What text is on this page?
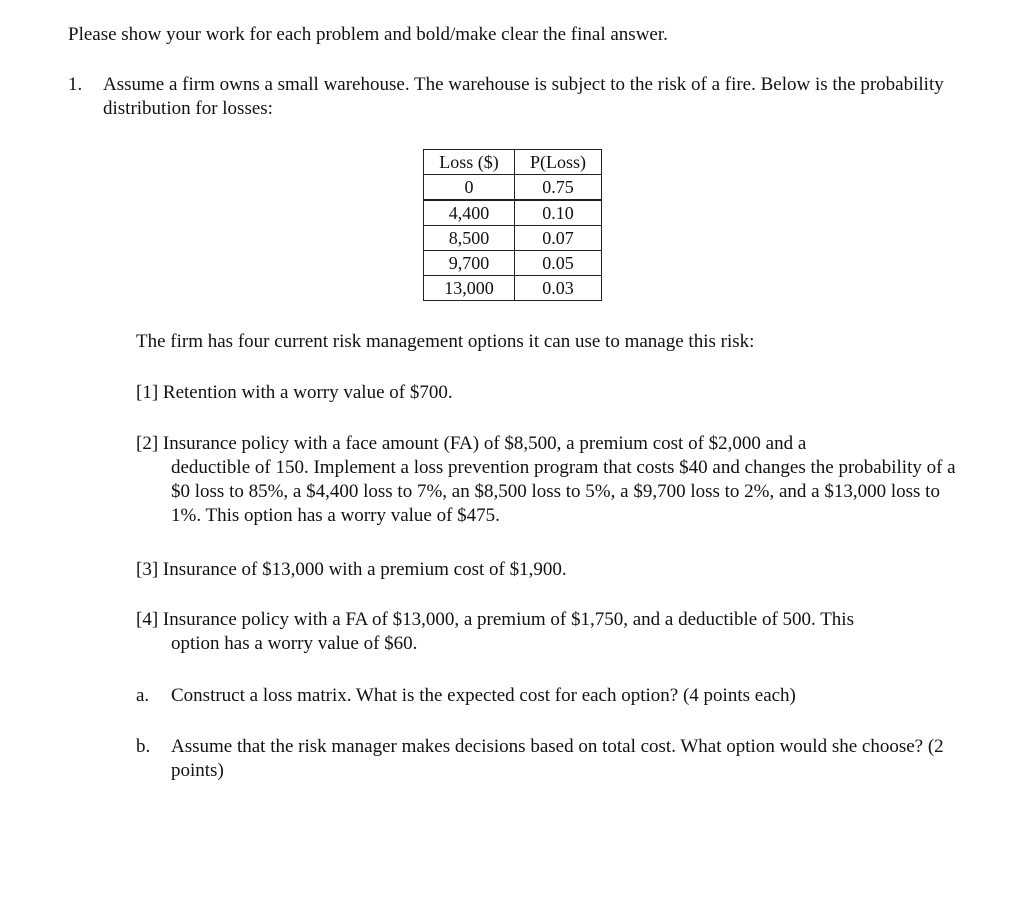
Please show your work for each problem and bold/make clear the final answer.
1. Assume a firm owns a small warehouse. The warehouse is subject to the risk of a fire. Below is the probability distribution for losses:
Loss ($)	P(Loss)
0	0.75
4,400	0.10
8,500	0.07
9,700	0.05
13,000	0.03
The firm has four current risk management options it can use to manage this risk:
[1] Retention with a worry value of $700.
[2] Insurance policy with a face amount (FA) of $8,500, a premium cost of $2,000 and a
deductible of 150. Implement a loss prevention program that costs $40 and changes the probability of a $0 loss to 85%, a $4,400 loss to 7%, an $8,500 loss to 5%, a $9,700 loss to 2%, and a $13,000 loss to 1%. This option has a worry value of $475.
[3] Insurance of $13,000 with a premium cost of $1,900.
[4] Insurance policy with a FA of $13,000, a premium of $1,750, and a deductible of 500. This
option has a worry value of $60.
a.	Construct a loss matrix. What is the expected cost for each option? (4 points each)
b.	Assume that the risk manager makes decisions based on total cost. What option would she choose? (2 points)
